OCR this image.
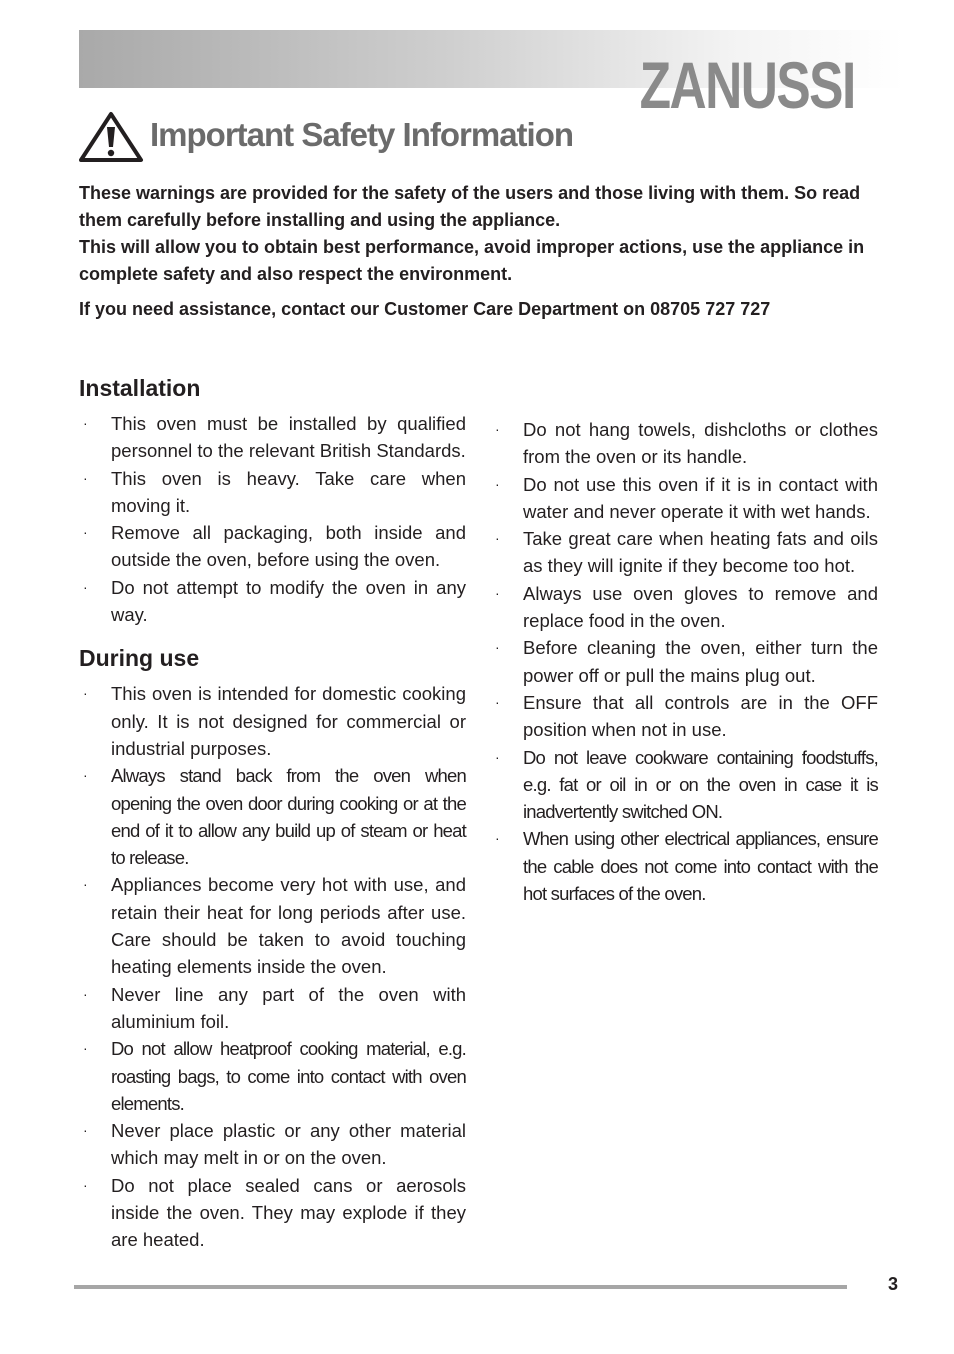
ZANUSSI
Important Safety Information

These warnings are provided for the safety of the users and those living with them. So read them carefully before installing and using the appliance.

This will allow you to obtain best performance, avoid improper actions, use the appliance in complete safety and also respect the environment.

If you need assistance, contact our Customer Care Department on 08705 727 727

Installation
· This oven must be installed by qualified personnel to the relevant British Standards.
· This oven is heavy. Take care when moving it.
· Remove all packaging, both inside and outside the oven, before using the oven.
· Do not attempt to modify the oven in any way.
During use
· This oven is intended for domestic cooking only. It is not designed for commercial or industrial purposes.
· Always stand back from the oven when opening the oven door during cooking or at the end of it to allow any build up of steam or heat to release.
· Appliances become very hot with use, and retain their heat for long periods after use. Care should be taken to avoid touching heating elements inside the oven.
· Never line any part of the oven with aluminium foil.
· Do not allow heatproof cooking material, e.g. roasting bags, to come into contact with oven elements.
· Never place plastic or any other material which may melt in or on the oven.
· Do not place sealed cans or aerosols inside the oven. They may explode if they are heated.
· Do not hang towels, dishcloths or clothes from the oven or its handle.
· Do not use this oven if it is in contact with water and never operate it with wet hands.
· Take great care when heating fats and oils as they will ignite if they become too hot.
· Always use oven gloves to remove and replace food in the oven.
· Before cleaning the oven, either turn the power off or pull the mains plug out.
· Ensure that all controls are in the OFF position when not in use.
· Do not leave cookware containing foodstuffs, e.g. fat or oil in or on the oven in case it is inadvertently switched ON.
· When using other electrical appliances, ensure the cable does not come into contact with the hot surfaces of the oven.
3
